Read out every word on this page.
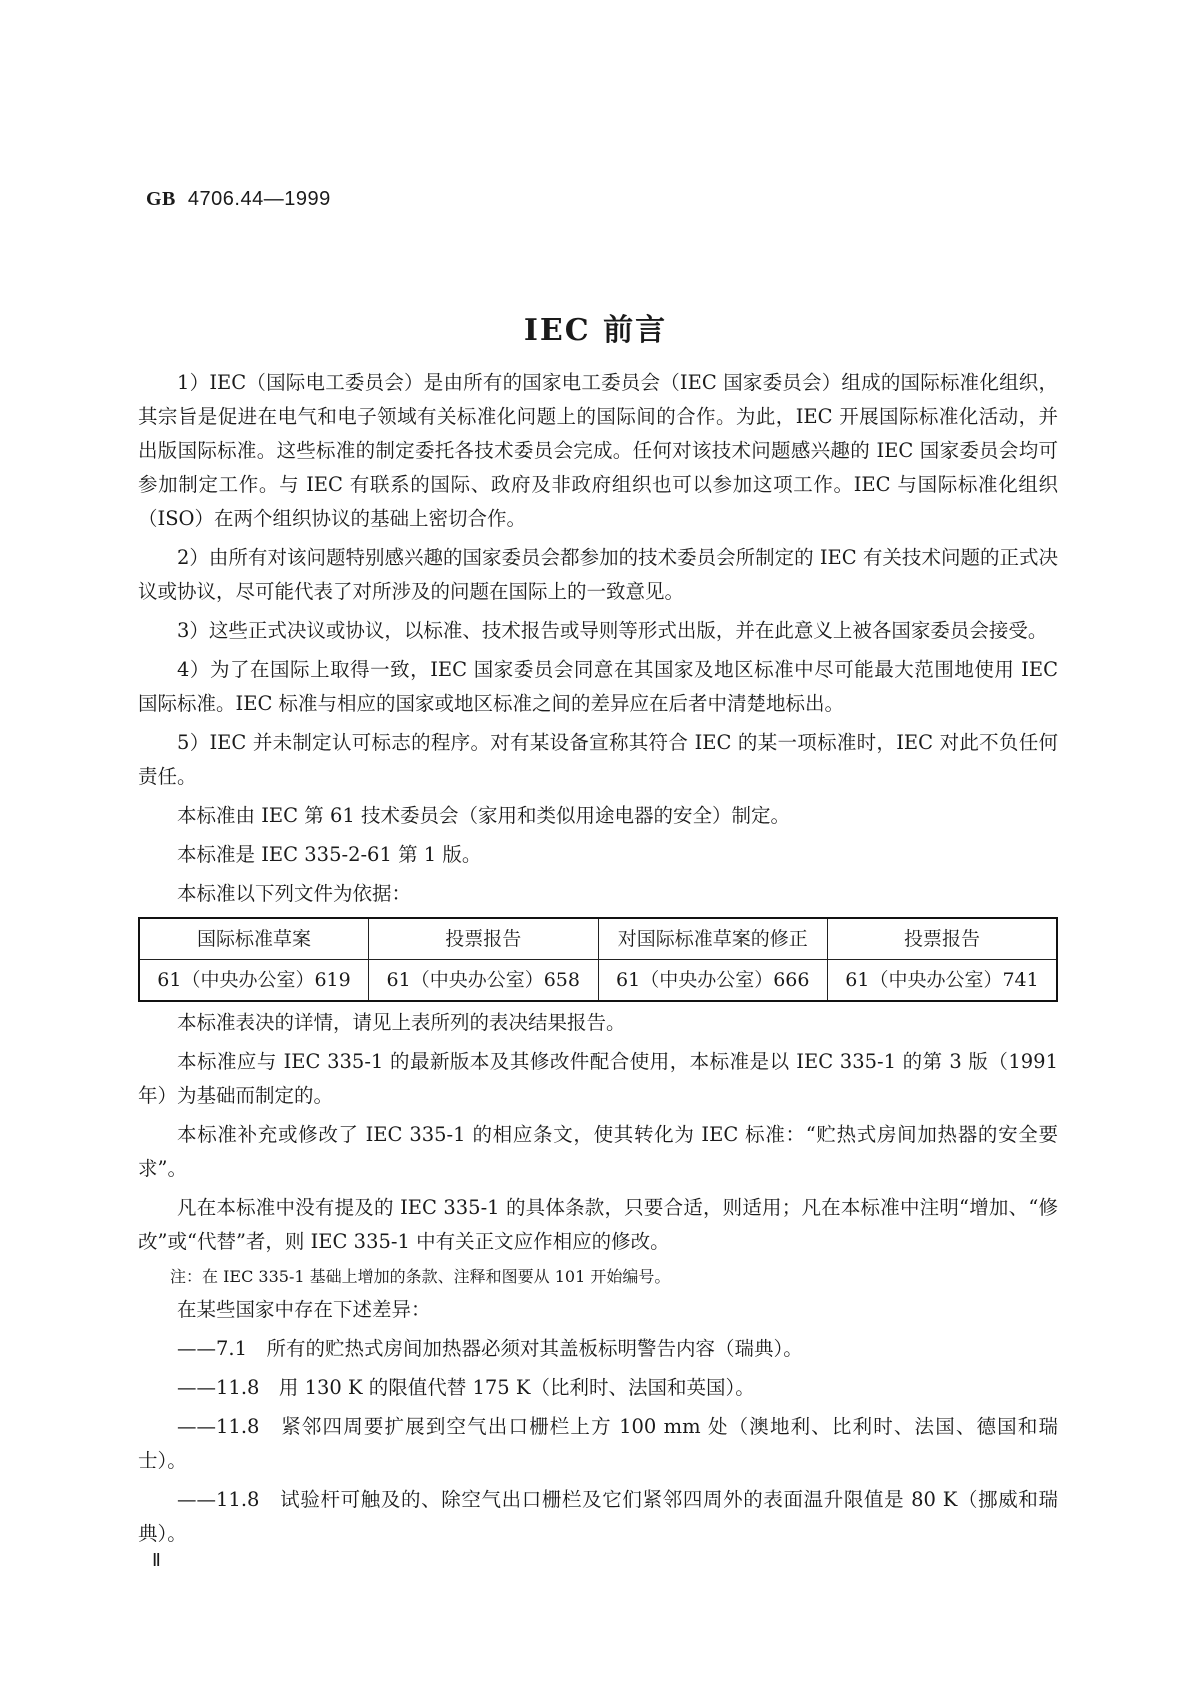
GB 4706.44—1999
IEC 前言

1）IEC（国际电工委员会）是由所有的国家电工委员会（IEC 国家委员会）组成的国际标准化组织，其宗旨是促进在电气和电子领域有关标准化问题上的国际间的合作。为此，IEC 开展国际标准化活动，并出版国际标准。这些标准的制定委托各技术委员会完成。任何对该技术问题感兴趣的 IEC 国家委员会均可参加制定工作。与 IEC 有联系的国际、政府及非政府组织也可以参加这项工作。IEC 与国际标准化组织（ISO）在两个组织协议的基础上密切合作。

2）由所有对该问题特别感兴趣的国家委员会都参加的技术委员会所制定的 IEC 有关技术问题的正式决议或协议，尽可能代表了对所涉及的问题在国际上的一致意见。

3）这些正式决议或协议，以标准、技术报告或导则等形式出版，并在此意义上被各国家委员会接受。

4）为了在国际上取得一致，IEC 国家委员会同意在其国家及地区标准中尽可能最大范围地使用 IEC 国际标准。IEC 标准与相应的国家或地区标准之间的差异应在后者中清楚地标出。

5）IEC 并未制定认可标志的程序。对有某设备宣称其符合 IEC 的某一项标准时，IEC 对此不负任何责任。

本标准由 IEC 第 61 技术委员会（家用和类似用途电器的安全）制定。

本标准是 IEC 335-2-61 第 1 版。

本标准以下列文件为依据：

国际标准草案	投票报告	对国际标准草案的修正	投票报告
61（中央办公室）619	61（中央办公室）658	61（中央办公室）666	61（中央办公室）741

本标准表决的详情，请见上表所列的表决结果报告。

本标准应与 IEC 335-1 的最新版本及其修改件配合使用，本标准是以 IEC 335-1 的第 3 版（1991 年）为基础而制定的。

本标准补充或修改了 IEC 335-1 的相应条文，使其转化为 IEC 标准：“贮热式房间加热器的安全要求”。

凡在本标准中没有提及的 IEC 335-1 的具体条款，只要合适，则适用；凡在本标准中注明“增加、“修改”或“代替”者，则 IEC 335-1 中有关正文应作相应的修改。

注：在 IEC 335-1 基础上增加的条款、注释和图要从 101 开始编号。

在某些国家中存在下述差异：

——7.1　所有的贮热式房间加热器必须对其盖板标明警告内容（瑞典）。

——11.8　用 130 K 的限值代替 175 K（比利时、法国和英国）。

——11.8　紧邻四周要扩展到空气出口栅栏上方 100 mm 处（澳地利、比利时、法国、德国和瑞士）。

——11.8　试验杆可触及的、除空气出口栅栏及它们紧邻四周外的表面温升限值是 80 K（挪威和瑞典）。

Ⅱ
